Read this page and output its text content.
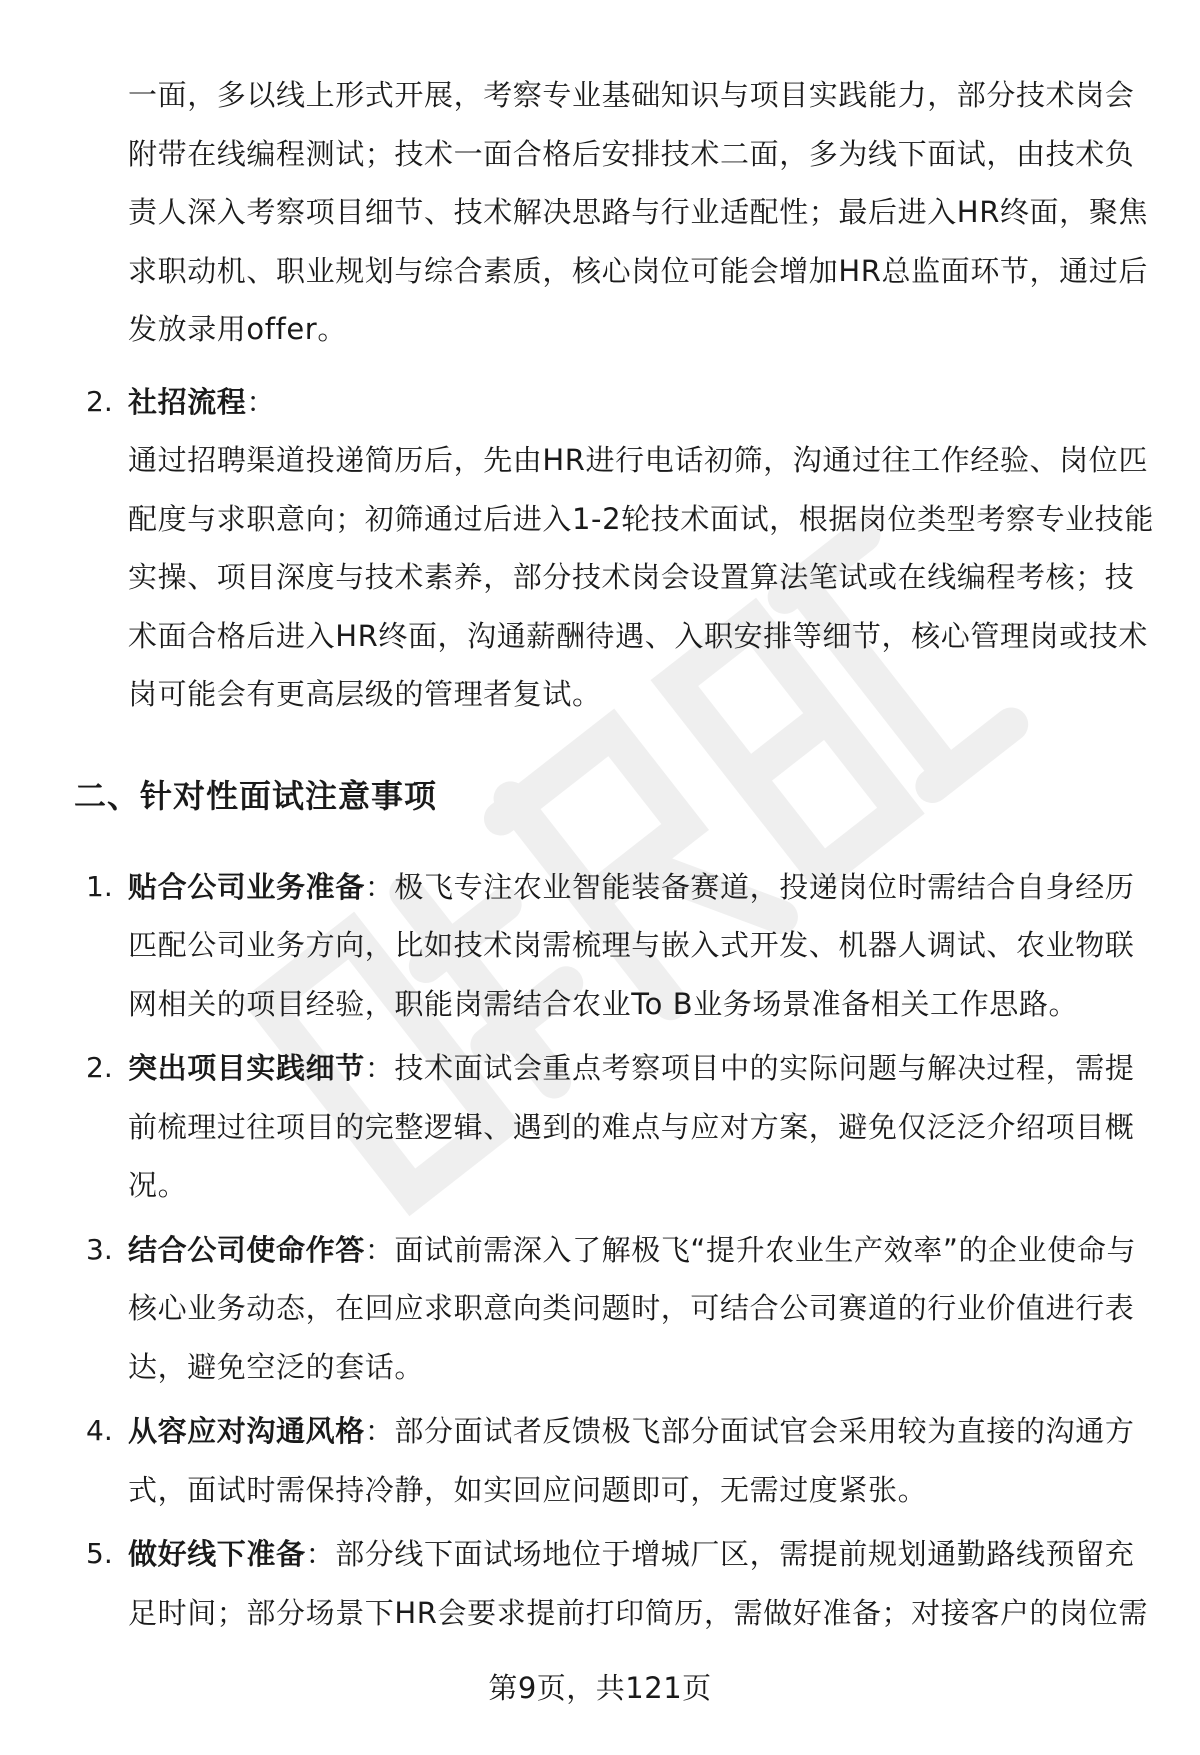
一面，多以线上形式开展，考察专业基础知识与项目实践能力，部分技术岗会附带在线编程测试；技术一面合格后安排技术二面，多为线下面试，由技术负责人深入考察项目细节、技术解决思路与行业适配性；最后进入HR终面，聚焦求职动机、职业规划与综合素质，核心岗位可能会增加HR总监面环节，通过后发放录用offer。
2. 社招流程：
通过招聘渠道投递简历后，先由HR进行电话初筛，沟通过往工作经验、岗位匹配度与求职意向；初筛通过后进入1-2轮技术面试，根据岗位类型考察专业技能实操、项目深度与技术素养，部分技术岗会设置算法笔试或在线编程考核；技术面合格后进入HR终面，沟通薪酬待遇、入职安排等细节，核心管理岗或技术岗可能会有更高层级的管理者复试。
二、针对性面试注意事项
1. 贴合公司业务准备：极飞专注农业智能装备赛道，投递岗位时需结合自身经历匹配公司业务方向，比如技术岗需梳理与嵌入式开发、机器人调试、农业物联网相关的项目经验，职能岗需结合农业To B业务场景准备相关工作思路。
2. 突出项目实践细节：技术面试会重点考察项目中的实际问题与解决过程，需提前梳理过往项目的完整逻辑、遇到的难点与应对方案，避免仅泛泛介绍项目概况。
3. 结合公司使命作答：面试前需深入了解极飞“提升农业生产效率”的企业使命与核心业务动态，在回应求职意向类问题时，可结合公司赛道的行业价值进行表达，避免空泛的套话。
4. 从容应对沟通风格：部分面试者反馈极飞部分面试官会采用较为直接的沟通方式，面试时需保持冷静，如实回应问题即可，无需过度紧张。
5. 做好线下准备：部分线下面试场地位于增城厂区，需提前规划通勤路线预留充足时间；部分场景下HR会要求提前打印简历，需做好准备；对接客户的岗位需
第9页，共121页
